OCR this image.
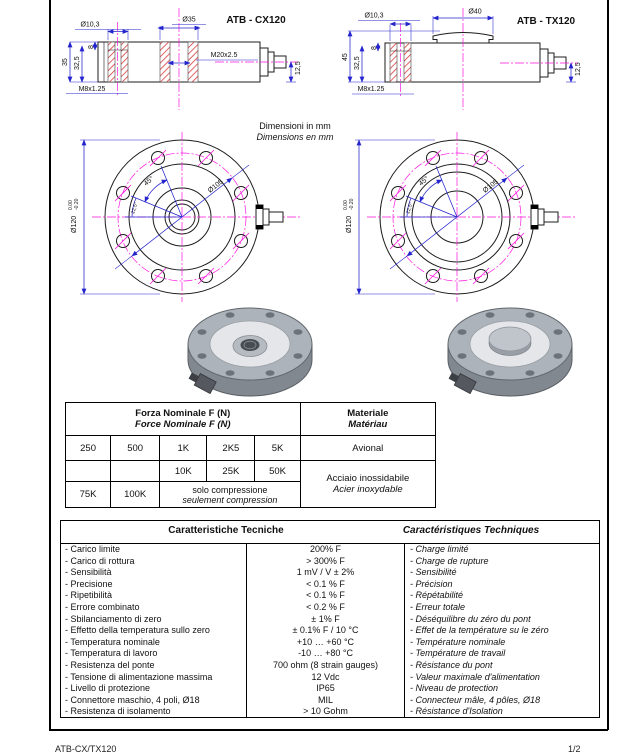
Ø10,3
Ø35
M20x2.5
M8x1.25
35 32,5
8
12,5
ATB - CX120	Ø10,3
Ø40
M8x1.25
45 32,5
8
12,5
ATB - TX120
Dimensioni in mm
Dimensions en mm
Ø120
0.00 -0.20
Ø105
45°
22,5°
Ø120
0.00 -0.20
Ø105
45°
22,5°
Forza Nominale F (N)
Force Nominale F (N)

Materiale
Matériau

250	500	1K	2K5	5K	Avional
		10K	25K	50K	Acciaio inossidabile
Acier inoxydable

75K	100K	solo compressione
seulement compression			
Caratteristiche Tecniche	Caractéristiques Techniques
- Carico limite	200% F	- Charge limité
- Carico di rottura	> 300% F	- Charge de rupture
- Sensibilità	1 mV / V ± 2%	- Sensibilité
- Precisione	< 0.1 % F	- Précision
- Ripetibilità	< 0.1 % F	- Répétabilité
- Errore combinato	< 0.2 % F	- Erreur totale
- Sbilanciamento di zero	± 1% F	- Déséquilibre du zéro du pont
- Effetto della temperatura sullo zero	± 0.1% F / 10 °C	- Effet de la température su le zéro
- Temperatura nominale	+10 … +60 °C	- Température nominale
- Temperatura di lavoro	-10 … +80 °C	- Température de travail
- Resistenza del ponte	700 ohm (8 strain gauges)	- Résistance du pont
- Tensione di alimentazione massima	12 Vdc	- Valeur maximale d'alimentation
- Livello di protezione	IP65	- Niveau de protection
- Connettore maschio, 4 poli, Ø18	MIL	- Connecteur mâle, 4 pôles, Ø18
- Resistenza di isolamento	> 10 Gohm	- Résistance d'Isolation
ATB-CX/TX120	1/2
